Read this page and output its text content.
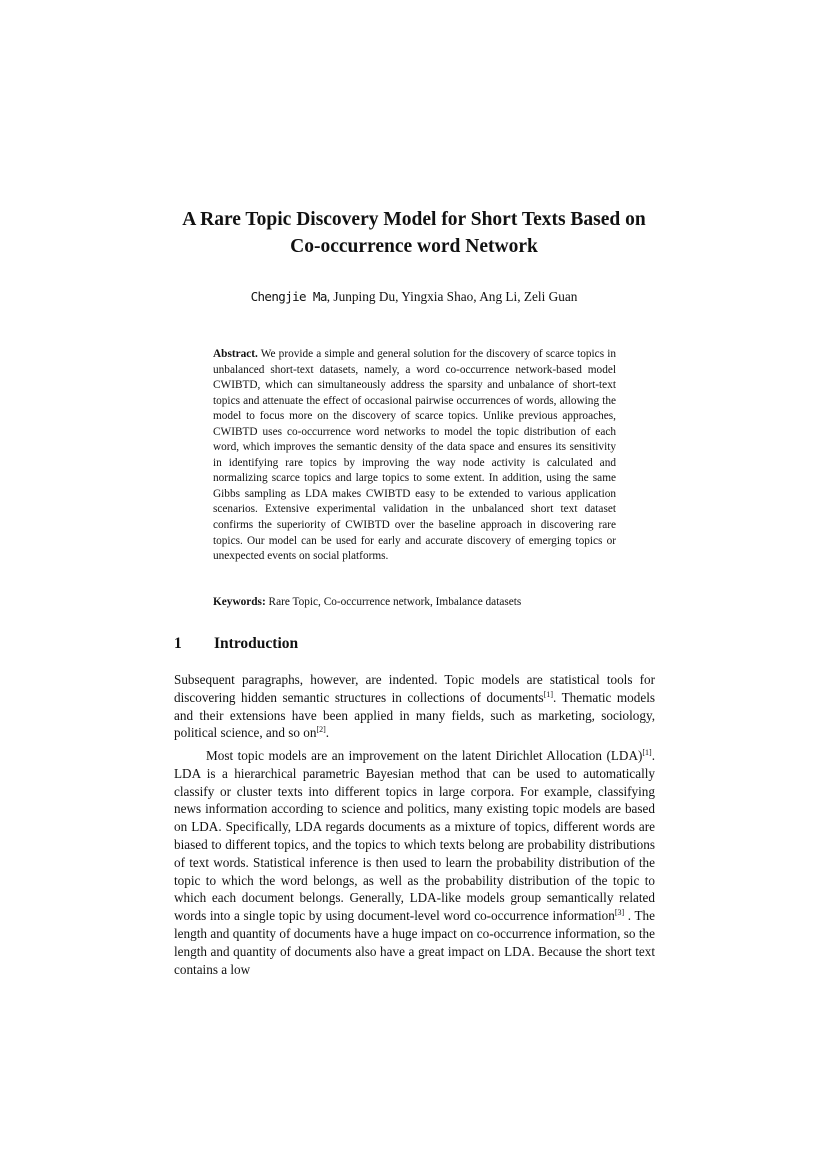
A Rare Topic Discovery Model for Short Texts Based on
Co-occurrence word Network
Chengjie Ma, Junping Du, Yingxia Shao, Ang Li, Zeli Guan
Abstract. We provide a simple and general solution for the discovery of scarce topics in unbalanced short-text datasets, namely, a word co-occurrence network-based model CWIBTD, which can simultaneously address the sparsity and unbalance of short-text topics and attenuate the effect of occasional pairwise occurrences of words, allowing the model to focus more on the discovery of scarce topics. Unlike previous approaches, CWIBTD uses co-occurrence word networks to model the topic distribution of each word, which improves the semantic density of the data space and ensures its sensitivity in identifying rare topics by improving the way node activity is calculated and normalizing scarce topics and large topics to some extent. In addition, using the same Gibbs sampling as LDA makes CWIBTD easy to be extended to various application scenarios. Extensive experimental validation in the unbalanced short text dataset confirms the superiority of CWIBTD over the baseline approach in discovering rare topics. Our model can be used for early and accurate discovery of emerging topics or unexpected events on social platforms.
Keywords: Rare Topic, Co-occurrence network, Imbalance datasets
1 Introduction
Subsequent paragraphs, however, are indented. Topic models are statistical tools for discovering hidden semantic structures in collections of documents[1]. Thematic models and their extensions have been applied in many fields, such as marketing, sociology, political science, and so on[2].
Most topic models are an improvement on the latent Dirichlet Allocation (LDA)[1]. LDA is a hierarchical parametric Bayesian method that can be used to automatically classify or cluster texts into different topics in large corpora. For example, classifying news information according to science and politics, many existing topic models are based on LDA. Specifically, LDA regards documents as a mixture of topics, different words are biased to different topics, and the topics to which texts belong are probability distributions of text words. Statistical inference is then used to learn the probability distribution of the topic to which the word belongs, as well as the probability distribution of the topic to which each document belongs. Generally, LDA-like models group semantically related words into a single topic by using document-level word co-occurrence information[3] . The length and quantity of documents have a huge impact on co-occurrence information, so the length and quantity of documents also have a great impact on LDA. Because the short text contains a low
